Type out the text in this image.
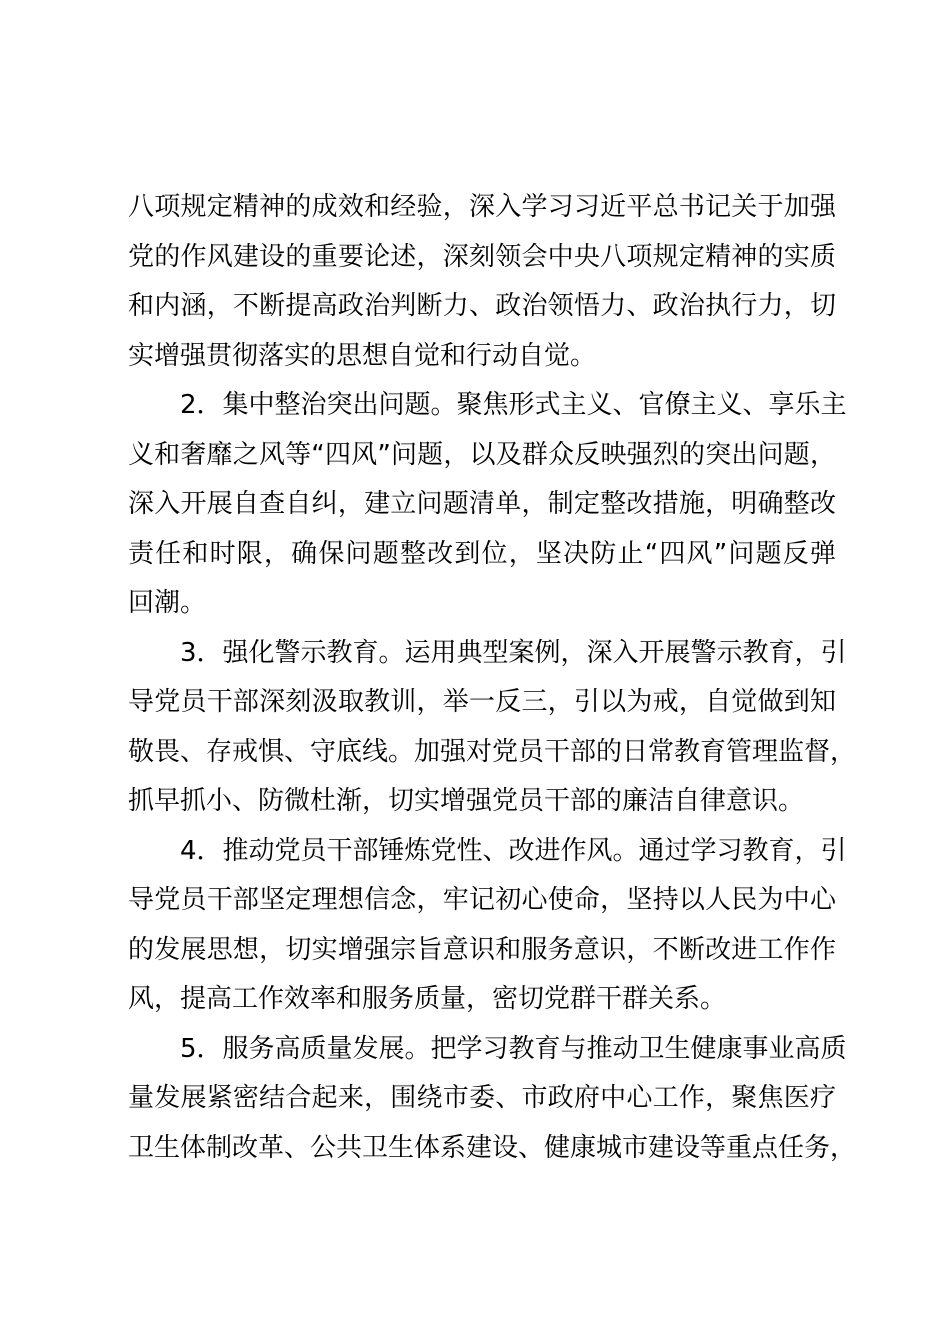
八项规定精神的成效和经验，深入学习习近平总书记关于加强
党的作风建设的重要论述，深刻领会中央八项规定精神的实质
和内涵，不断提高政治判断力、政治领悟力、政治执行力，切
实增强贯彻落实的思想自觉和行动自觉。
2．集中整治突出问题。聚焦形式主义、官僚主义、享乐主
义和奢靡之风等“四风”问题，以及群众反映强烈的突出问题，
深入开展自查自纠，建立问题清单，制定整改措施，明确整改
责任和时限，确保问题整改到位，坚决防止“四风”问题反弹
回潮。
3．强化警示教育。运用典型案例，深入开展警示教育，引
导党员干部深刻汲取教训，举一反三，引以为戒，自觉做到知
敬畏、存戒惧、守底线。加强对党员干部的日常教育管理监督，
抓早抓小、防微杜渐，切实增强党员干部的廉洁自律意识。
4．推动党员干部锤炼党性、改进作风。通过学习教育，引
导党员干部坚定理想信念，牢记初心使命，坚持以人民为中心
的发展思想，切实增强宗旨意识和服务意识，不断改进工作作
风，提高工作效率和服务质量，密切党群干群关系。
5．服务高质量发展。把学习教育与推动卫生健康事业高质
量发展紧密结合起来，围绕市委、市政府中心工作，聚焦医疗
卫生体制改革、公共卫生体系建设、健康城市建设等重点任务，
